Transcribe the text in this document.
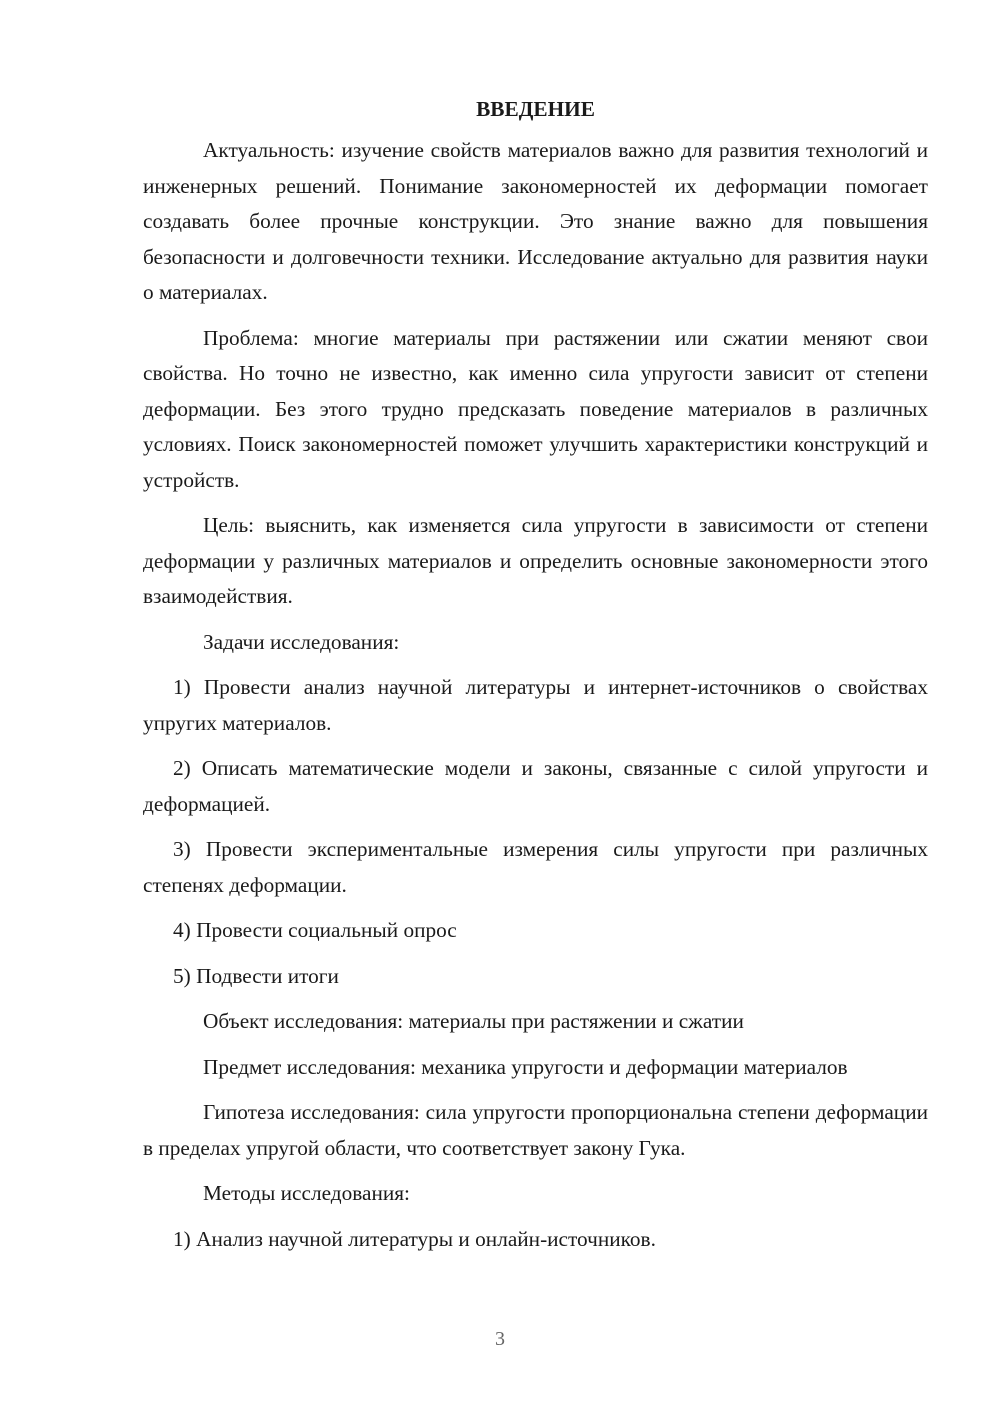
ВВЕДЕНИЕ

Актуальность: изучение свойств материалов важно для развития технологий и инженерных решений. Понимание закономерностей их деформации помогает создавать более прочные конструкции. Это знание важно для повышения безопасности и долговечности техники. Исследование актуально для развития науки о материалах.

Проблема: многие материалы при растяжении или сжатии меняют свои свойства. Но точно не известно, как именно сила упругости зависит от степени деформации. Без этого трудно предсказать поведение материалов в различных условиях. Поиск закономерностей поможет улучшить характеристики конструкций и устройств.

Цель: выяснить, как изменяется сила упругости в зависимости от степени деформации у различных материалов и определить основные закономерности этого взаимодействия.

Задачи исследования:

1) Провести анализ научной литературы и интернет-источников о свойствах упругих материалов.

2) Описать математические модели и законы, связанные с силой упругости и деформацией.

3) Провести экспериментальные измерения силы упругости при различных степенях деформации.

4) Провести социальный опрос

5) Подвести итоги

Объект исследования: материалы при растяжении и сжатии

Предмет исследования: механика упругости и деформации материалов

Гипотеза исследования: сила упругости пропорциональна степени деформации в пределах упругой области, что соответствует закону Гука.

Методы исследования:

1) Анализ научной литературы и онлайн-источников.

3
